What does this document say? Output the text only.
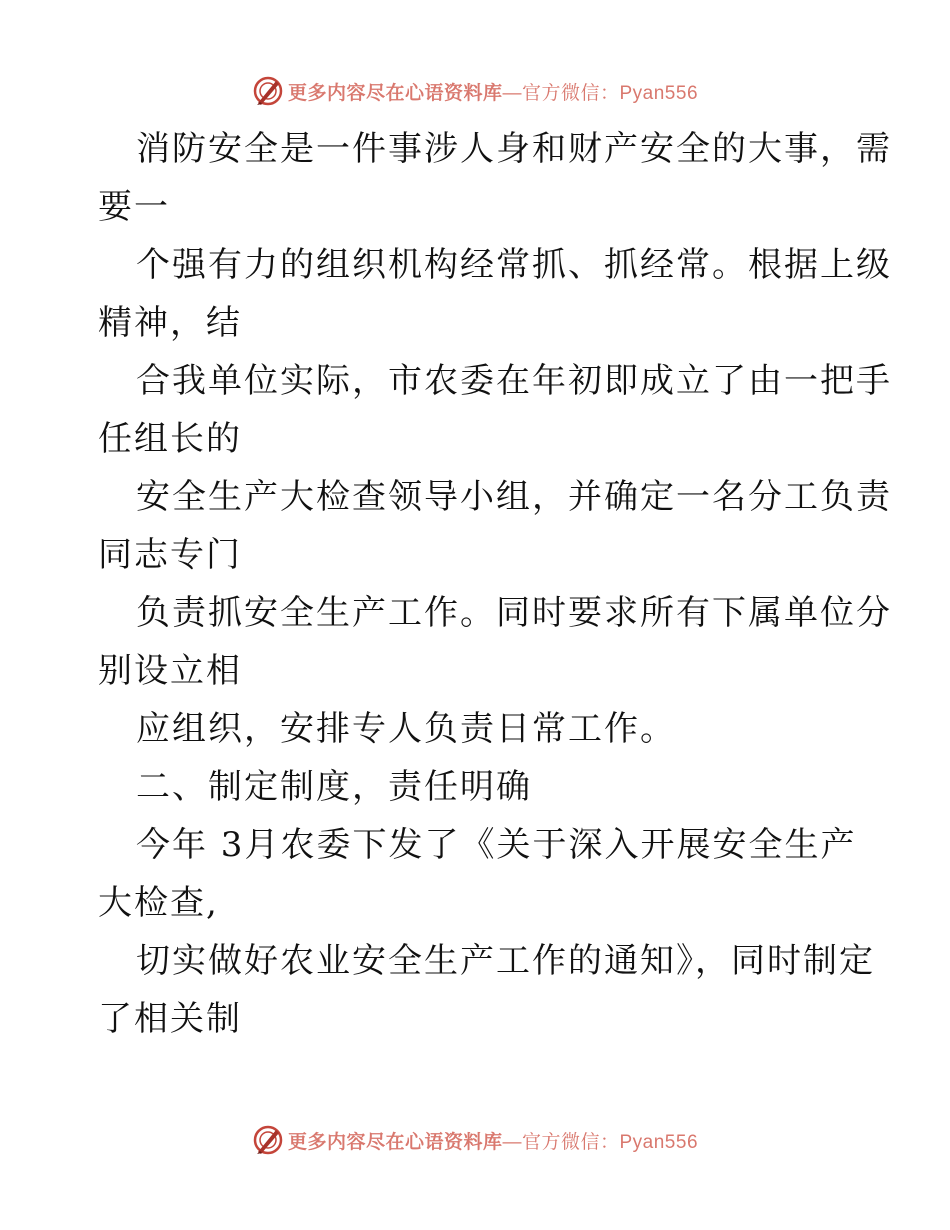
更多内容尽在心语资料库—官方微信：Pyan556
消防安全是一件事涉人身和财产安全的大事，需
要一
个强有力的组织机构经常抓、抓经常。根据上级
精神，结
合我单位实际，市农委在年初即成立了由一把手
任组长的
安全生产大检查领导小组，并确定一名分工负责
同志专门
负责抓安全生产工作。同时要求所有下属单位分
别设立相
应组织，安排专人负责日常工作。
二、制定制度，责任明确
今年 3月农委下发了《关于深入开展安全生产
大检查,
切实做好农业安全生产工作的通知》，同时制定
了相关制
更多内容尽在心语资料库—官方微信：Pyan556
